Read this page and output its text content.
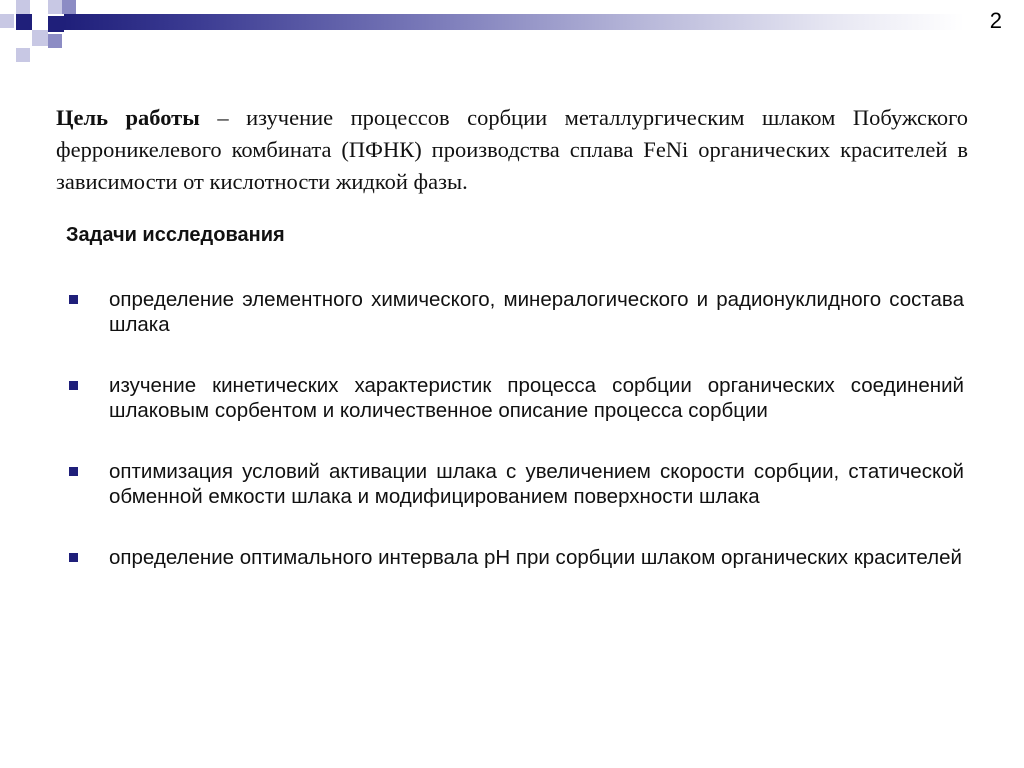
2

Цель работы – изучение процессов сорбции металлургическим шлаком Побужского ферроникелевого комбината (ПФНК) производства сплава FeNi органических красителей в зависимости от кислотности жидкой фазы.

Задачи исследования
определение элементного химического, минералогического и радионуклидного состава шлака
изучение кинетических характеристик процесса сорбции органических соединений шлаковым сорбентом и количественное описание процесса сорбции
оптимизация условий активации шлака с увеличением скорости сорбции, статической обменной емкости шлака и модифицированием поверхности шлака
определение оптимального интервала pH при сорбции шлаком органических красителей
